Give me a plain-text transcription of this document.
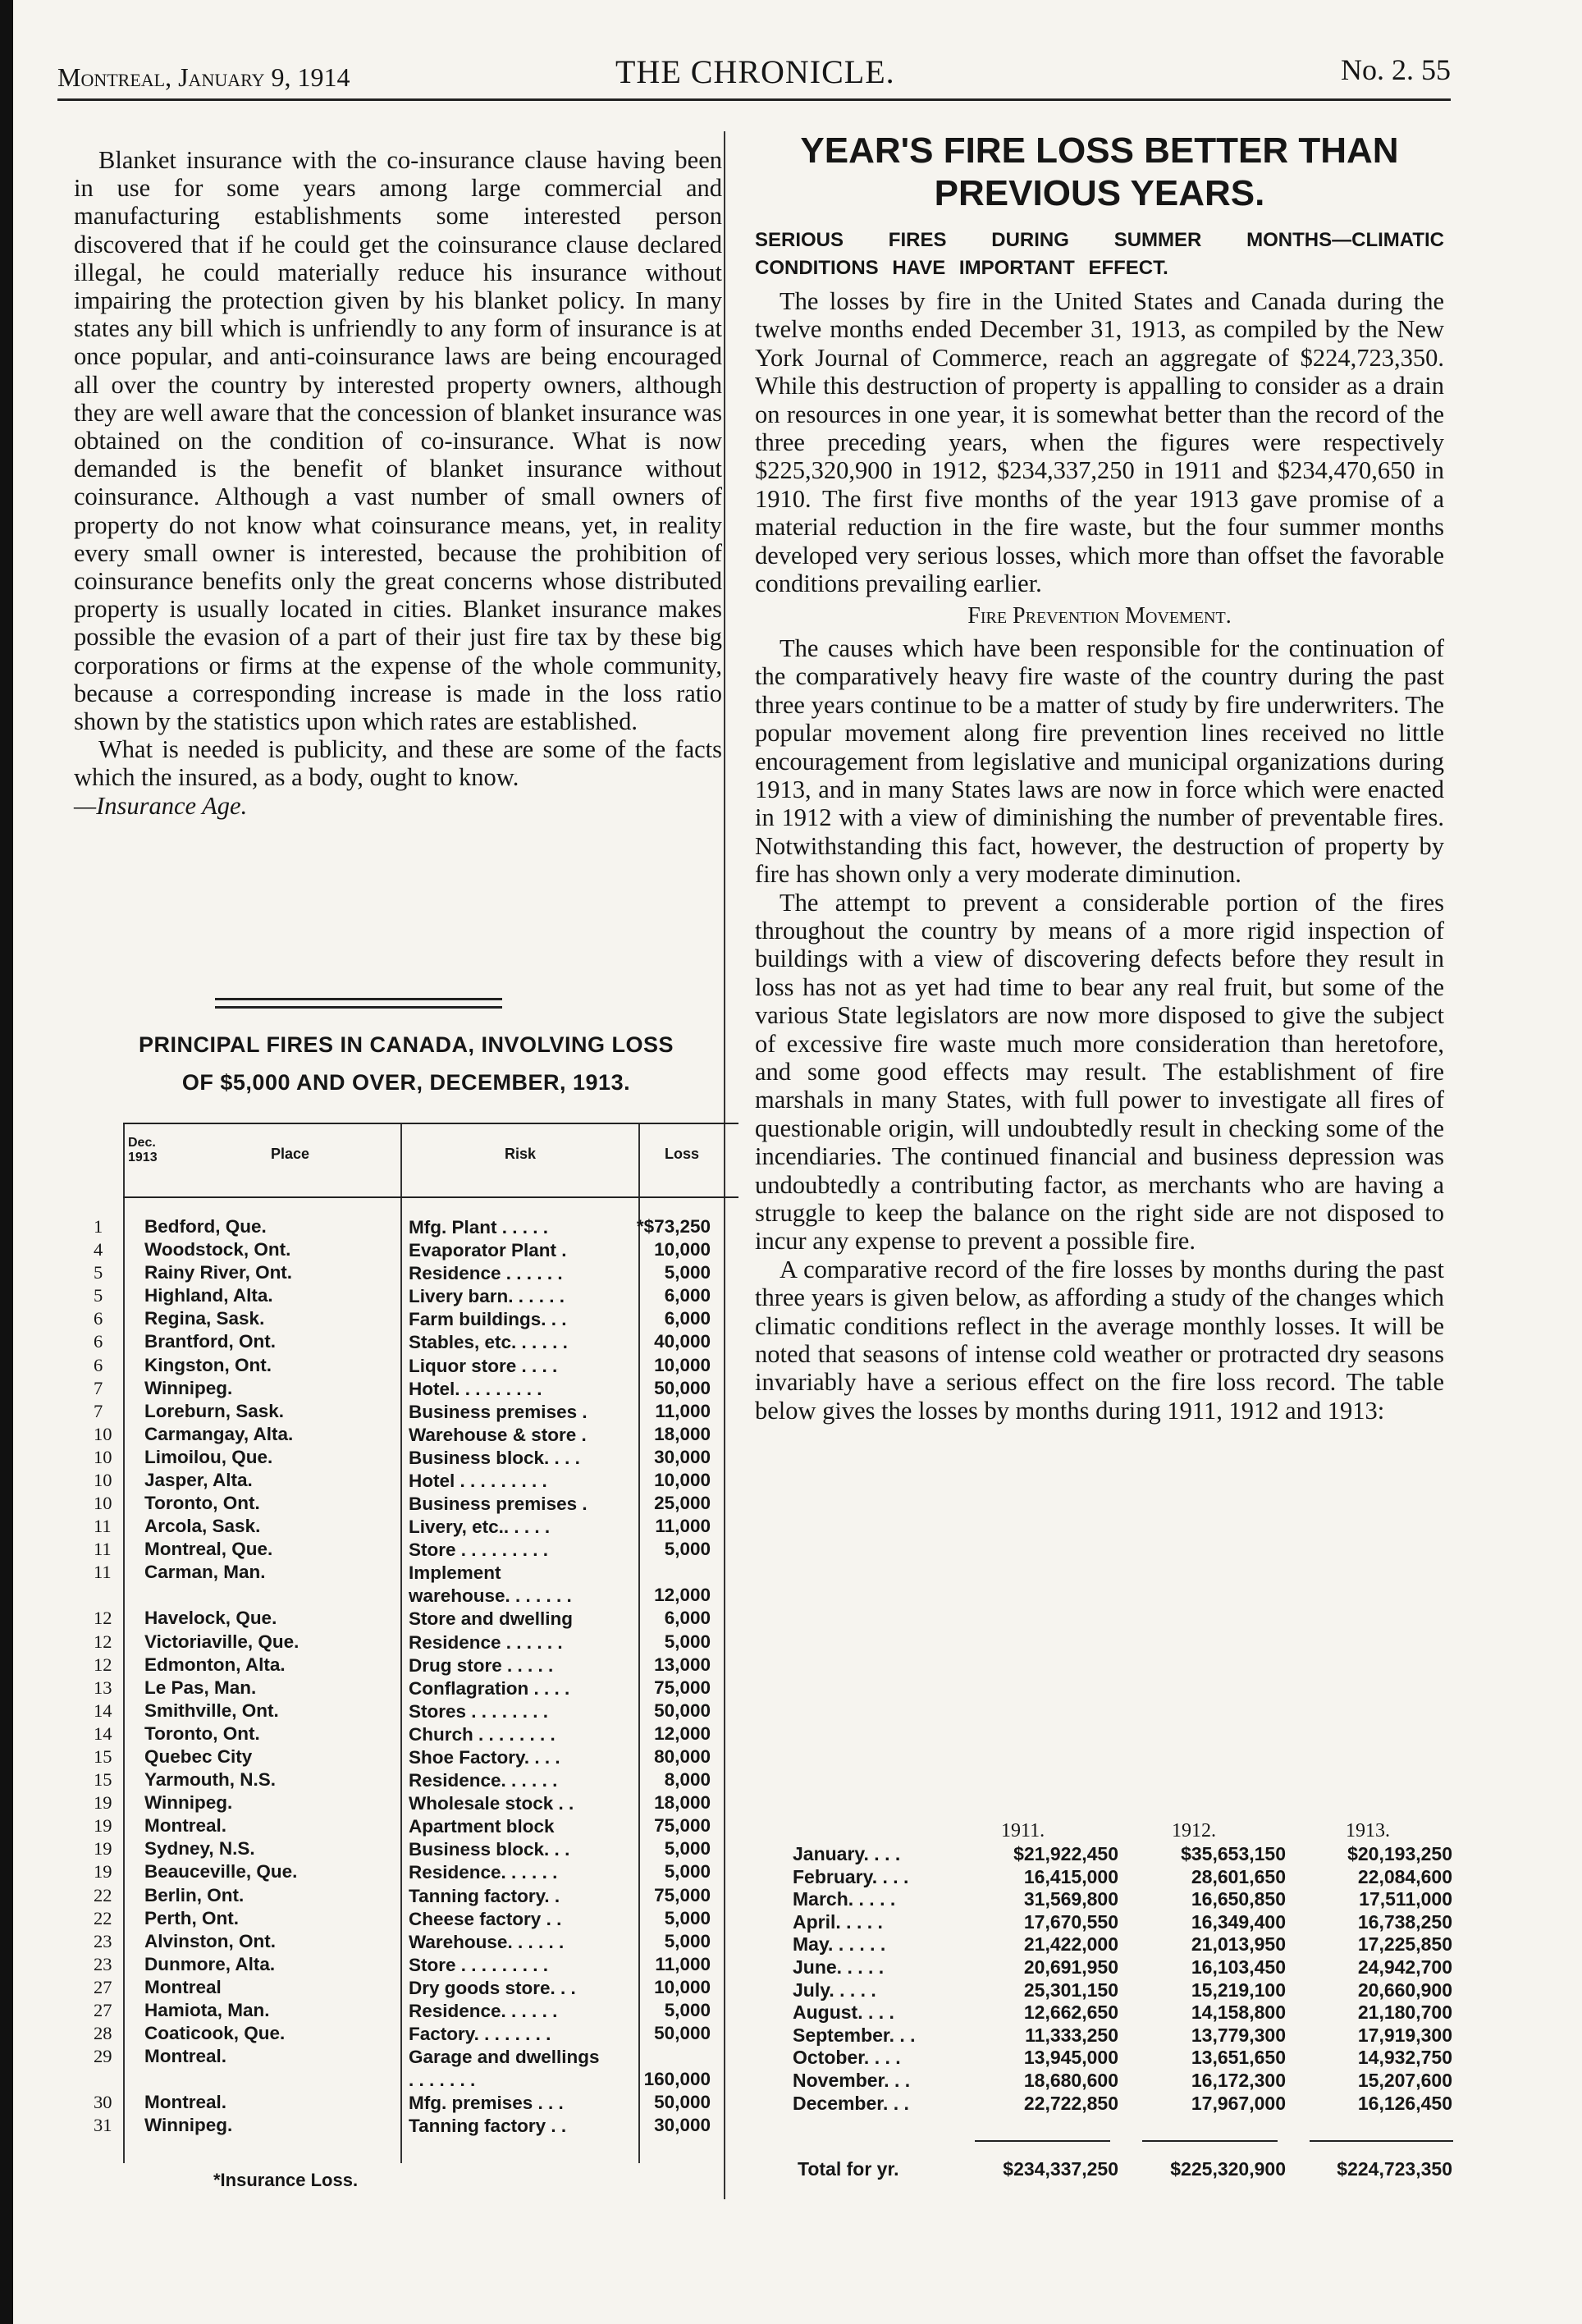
Montreal, January 9, 1914	THE CHRONICLE.	No. 2. 55

Blanket insurance with the co-insurance clause having been in use for some years among large commercial and manufacturing establishments some interested person discovered that if he could get the coinsurance clause declared illegal, he could materially reduce his insurance without impairing the protection given by his blanket policy. In many states any bill which is unfriendly to any form of insurance is at once popular, and anti-coinsurance laws are being encouraged all over the country by interested property owners, although they are well aware that the concession of blanket insurance was obtained on the condition of co-insurance. What is now demanded is the benefit of blanket insurance without coinsurance. Although a vast number of small owners of property do not know what coinsurance means, yet, in reality every small owner is interested, because the prohibition of coinsurance benefits only the great concerns whose distributed property is usually located in cities. Blanket insurance makes possible the evasion of a part of their just fire tax by these big corporations or firms at the expense of the whole community, because a corresponding increase is made in the loss ratio shown by the statistics upon which rates are established.

What is needed is publicity, and these are some of the facts which the insured, as a body, ought to know.

—Insurance Age.

PRINCIPAL FIRES IN CANADA, INVOLVING LOSS
OF $5,000 AND OVER, DECEMBER, 1913.
Dec. 1913	Place	Risk	Loss
1	Bedford, Que.	Mfg. Plant . . . . .	*$73,250
4	Woodstock, Ont.	Evaporator Plant .	10,000
5	Rainy River, Ont.	Residence . . . . . .	5,000
5	Highland, Alta.	Livery barn. . . . . .	6,000
6	Regina, Sask.	Farm buildings. . .	6,000
6	Brantford, Ont.	Stables, etc. . . . . .	40,000
6	Kingston, Ont.	Liquor store . . . .	10,000
7	Winnipeg.	Hotel. . . . . . . . .	50,000
7	Loreburn, Sask.	Business premises .	11,000
10	Carmangay, Alta.	Warehouse & store .	18,000
10	Limoilou, Que.	Business block. . . .	30,000
10	Jasper, Alta.	Hotel . . . . . . . . .	10,000
10	Toronto, Ont.	Business premises .	25,000
11	Arcola, Sask.	Livery, etc.. . . . .	11,000
11	Montreal, Que.	Store . . . . . . . . .	5,000
11	Carman, Man.	Implement warehouse. . . . . . .	12,000
12	Havelock, Que.	Store and dwelling	6,000
12	Victoriaville, Que.	Residence . . . . . .	5,000
12	Edmonton, Alta.	Drug store . . . . .	13,000
13	Le Pas, Man.	Conflagration . . . .	75,000
14	Smithville, Ont.	Stores . . . . . . . .	50,000
14	Toronto, Ont.	Church . . . . . . . .	12,000
15	Quebec City	Shoe Factory. . . .	80,000
15	Yarmouth, N.S.	Residence. . . . . .	8,000
19	Winnipeg.	Wholesale stock . .	18,000
19	Montreal.	Apartment block	75,000
19	Sydney, N.S.	Business block. . .	5,000
19	Beauceville, Que.	Residence. . . . . .	5,000
22	Berlin, Ont.	Tanning factory. .	75,000
22	Perth, Ont.	Cheese factory . .	5,000
23	Alvinston, Ont.	Warehouse. . . . . .	5,000
23	Dunmore, Alta.	Store . . . . . . . . .	11,000
27	Montreal	Dry goods store. . .	10,000
27	Hamiota, Man.	Residence. . . . . .	5,000
28	Coaticook, Que.	Factory. . . . . . . .	50,000
29	Montreal.	Garage and dwellings . . . . . . .	160,000
30	Montreal.	Mfg. premises . . .	50,000
31	Winnipeg.	Tanning factory . .	30,000
*Insurance Loss.
YEAR'S FIRE LOSS BETTER THAN PREVIOUS YEARS.
SERIOUS FIRES DURING SUMMER MONTHS—CLIMATIC CONDITIONS HAVE IMPORTANT EFFECT.

The losses by fire in the United States and Canada during the twelve months ended December 31, 1913, as compiled by the New York Journal of Commerce, reach an aggregate of $224,723,350. While this destruction of property is appalling to consider as a drain on resources in one year, it is somewhat better than the record of the three preceding years, when the figures were respectively $225,320,900 in 1912, $234,337,250 in 1911 and $234,470,650 in 1910. The first five months of the year 1913 gave promise of a material reduction in the fire waste, but the four summer months developed very serious losses, which more than offset the favorable conditions prevailing earlier.

Fire Prevention Movement.

The causes which have been responsible for the continuation of the comparatively heavy fire waste of the country during the past three years continue to be a matter of study by fire underwriters. The popular movement along fire prevention lines received no little encouragement from legislative and municipal organizations during 1913, and in many States laws are now in force which were enacted in 1912 with a view of diminishing the number of preventable fires. Notwithstanding this fact, however, the destruction of property by fire has shown only a very moderate diminution.

The attempt to prevent a considerable portion of the fires throughout the country by means of a more rigid inspection of buildings with a view of discovering defects before they result in loss has not as yet had time to bear any real fruit, but some of the various State legislators are now more disposed to give the subject of excessive fire waste much more consideration than heretofore, and some good effects may result. The establishment of fire marshals in many States, with full power to investigate all fires of questionable origin, will undoubtedly result in checking some of the incendiaries. The continued financial and business depression was undoubtedly a contributing factor, as merchants who are having a struggle to keep the balance on the right side are not disposed to incur any expense to prevent a possible fire.

A comparative record of the fire losses by months during the past three years is given below, as affording a study of the changes which climatic conditions reflect in the average monthly losses. It will be noted that seasons of intense cold weather or protracted dry seasons invariably have a serious effect on the fire loss record. The table below gives the losses by months during 1911, 1912 and 1913:

1911.	1912.	1913.
January. . . .	$21,922,450	$35,653,150	$20,193,250
February. . . .	16,415,000	28,601,650	22,084,600
March. . . . .	31,569,800	16,650,850	17,511,000
April. . . . .	17,670,550	16,349,400	16,738,250
May. . . . . .	21,422,000	21,013,950	17,225,850
June. . . . .	20,691,950	16,103,450	24,942,700
July. . . . .	25,301,150	15,219,100	20,660,900
August. . . .	12,662,650	14,158,800	21,180,700
September. . .	11,333,250	13,779,300	17,919,300
October. . . .	13,945,000	13,651,650	14,932,750
November. . .	18,680,600	16,172,300	15,207,600
December. . .	22,722,850	17,967,000	16,126,450
Total for yr.	$234,337,250	$225,320,900	$224,723,350
